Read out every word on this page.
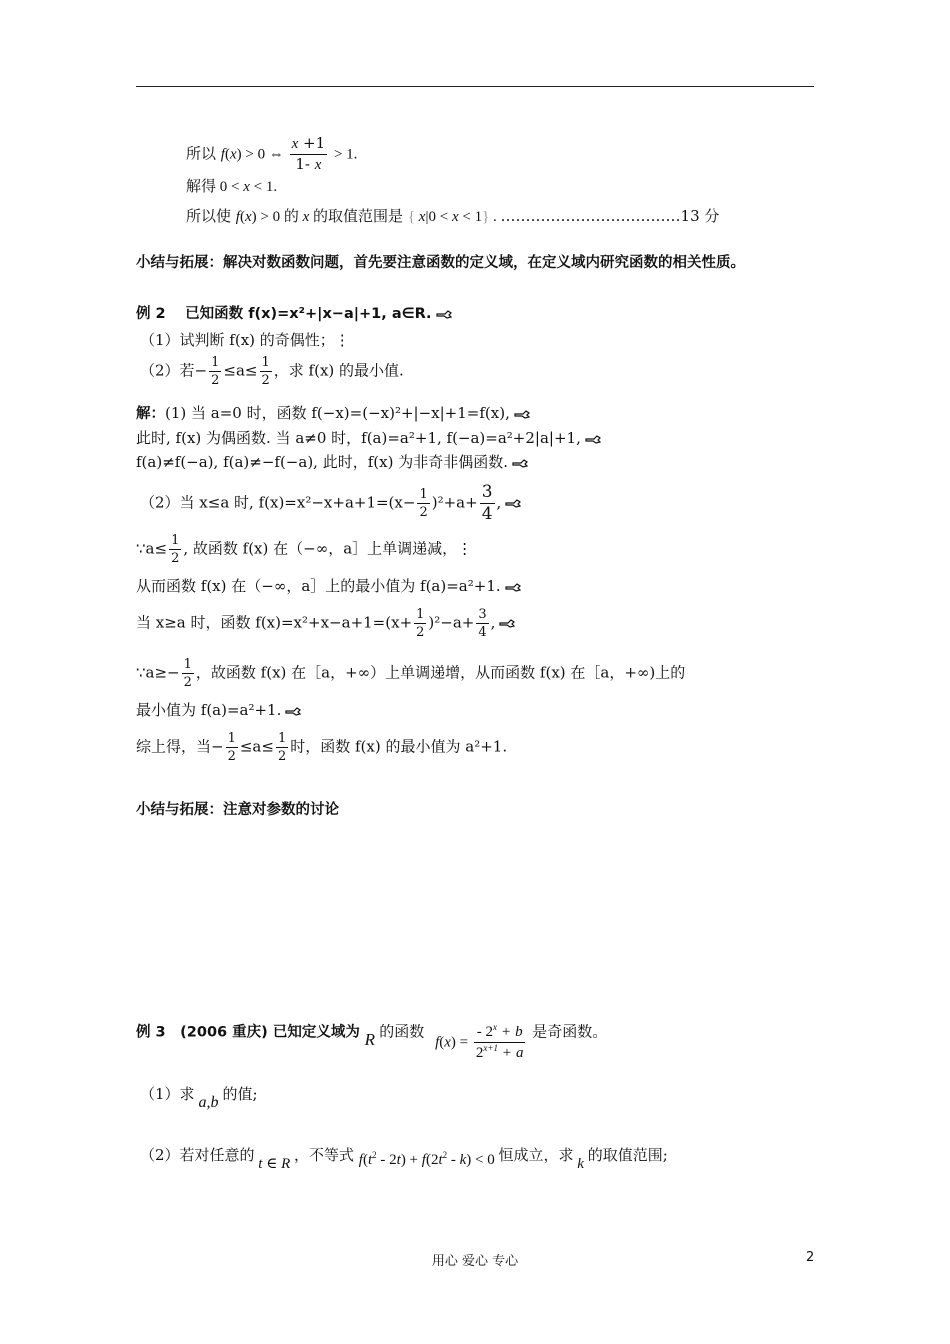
所以 f(x) > 0 ⇔ $\frac{x +1}{1- x} > 1$.
解得 0 < x < 1.
所以使 f(x) > 0 的 x 的取值范围是 { x|0 < x < 1} . ………………………………13 分
小结与拓展：解决对数函数问题，首先要注意函数的定义域，在定义域内研究函数的相关性质。
例 2　 已知函数 f(x)=x²+|x−a|+1, a∈R.
（1）试判断 f(x) 的奇偶性；⋮
（2）若− $\frac{1}{2} \le a\le \frac{1}{2}$ ，求 f(x) 的最小值.
解：(1) 当 a=0 时，函数 f(−x)=(−x)²+|−x|+1=f(x),
此时, f(x) 为偶函数. 当 a≠0 时，f(a)=a²+1, f(−a)=a²+2|a|+1,
f(a)≠f(−a), f(a)≠−f(−a), 此时，f(x) 为非奇非偶函数.
（2）当 x≤a 时, $f(x)=x^2-x+a+1=(x- \frac{1}{2} )^2+a+ \frac{3}{4}$ ,
∵a≤ $\frac{1}{2}$ , 故函数 f(x) 在（−∞，a］上单调递减，⋮
从而函数 f(x) 在（−∞，a］上的最小值为 f(a)=a²+1.
当 x≥a 时，函数 $f(x)=x^2+x-a+1=(x+ \frac{1}{2} )^2-a+ \frac{3}{4}$ ,
∵a≥− $\frac{1}{2}$ ，故函数 f(x) 在［a，+∞）上单调递增，从而函数 f(x) 在［a，+∞)上的
最小值为 f(a)=a²+1.
综上得，当− $\frac{1}{2} \le a\le \frac{1}{2}$ 时，函数 f(x) 的最小值为 a²+1.
小结与拓展：注意对参数的讨论
例 3　(2006 重庆) 已知定义域为 R 的函数 $f(x) = \frac{- 2^x + b}{2^{x+1} + a}$ 是奇函数。
（1）求 a,b 的值;
（2）若对任意的 t ∈ R ，不等式 $f(t^2 - 2t) + f(2t^2 - k) < 0$ 恒成立，求 k 的取值范围;
用心 爱心 专心	2
